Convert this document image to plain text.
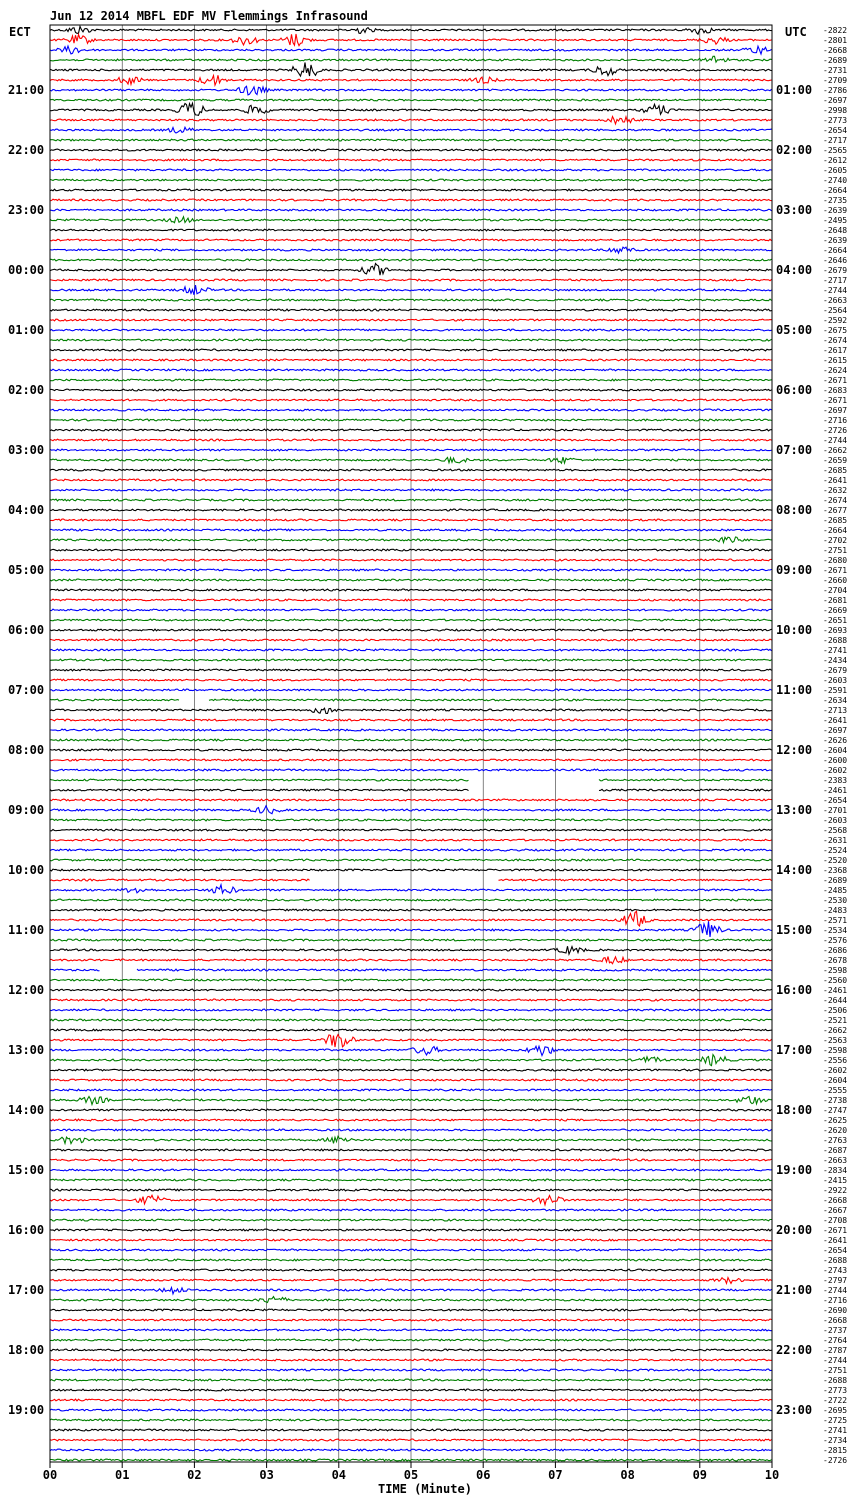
21:00
22:00
23:00
00:00
01:00
02:00
03:00
04:00
05:00
06:00
07:00
08:00
09:00
10:00
11:00
12:00
13:00
14:00
15:00
16:00
17:00
18:00
19:00
01:00
02:00
03:00
04:00
05:00
06:00
07:00
08:00
09:00
10:00
11:00
12:00
13:00
14:00
15:00
16:00
17:00
18:00
19:00
20:00
21:00
22:00
23:00
-2822
-2801
-2668
-2689
-2731
-2709
-2786
-2697
-2998
-2773
-2654
-2717
-2565
-2612
-2605
-2740
-2664
-2735
-2639
-2495
-2648
-2639
-2664
-2646
-2679
-2717
-2744
-2663
-2564
-2592
-2675
-2674
-2617
-2615
-2624
-2671
-2683
-2671
-2697
-2716
-2726
-2744
-2662
-2659
-2685
-2641
-2632
-2674
-2677
-2685
-2664
-2702
-2751
-2680
-2671
-2660
-2704
-2681
-2669
-2651
-2693
-2688
-2741
-2434
-2679
-2603
-2591
-2634
-2713
-2641
-2697
-2626
-2604
-2600
-2602
-2383
-2461
-2654
-2701
-2603
-2568
-2631
-2524
-2520
-2368
-2689
-2485
-2530
-2483
-2571
-2534
-2576
-2686
-2678
-2598
-2560
-2461
-2644
-2506
-2521
-2662
-2563
-2598
-2556
-2602
-2604
-2555
-2738
-2747
-2625
-2620
-2763
-2687
-2663
-2834
-2415
-2922
-2668
-2667
-2708
-2671
-2641
-2654
-2688
-2743
-2797
-2744
-2716
-2690
-2668
-2737
-2764
-2787
-2744
-2751
-2688
-2773
-2722
-2695
-2725
-2741
-2734
-2815
-2726
00	01	02	03	04	05	06	07	08	09	10
Jun 12 2014 MBFL EDF MV Flemmings Infrasound
ECT	UTC
TIME (Minute)
